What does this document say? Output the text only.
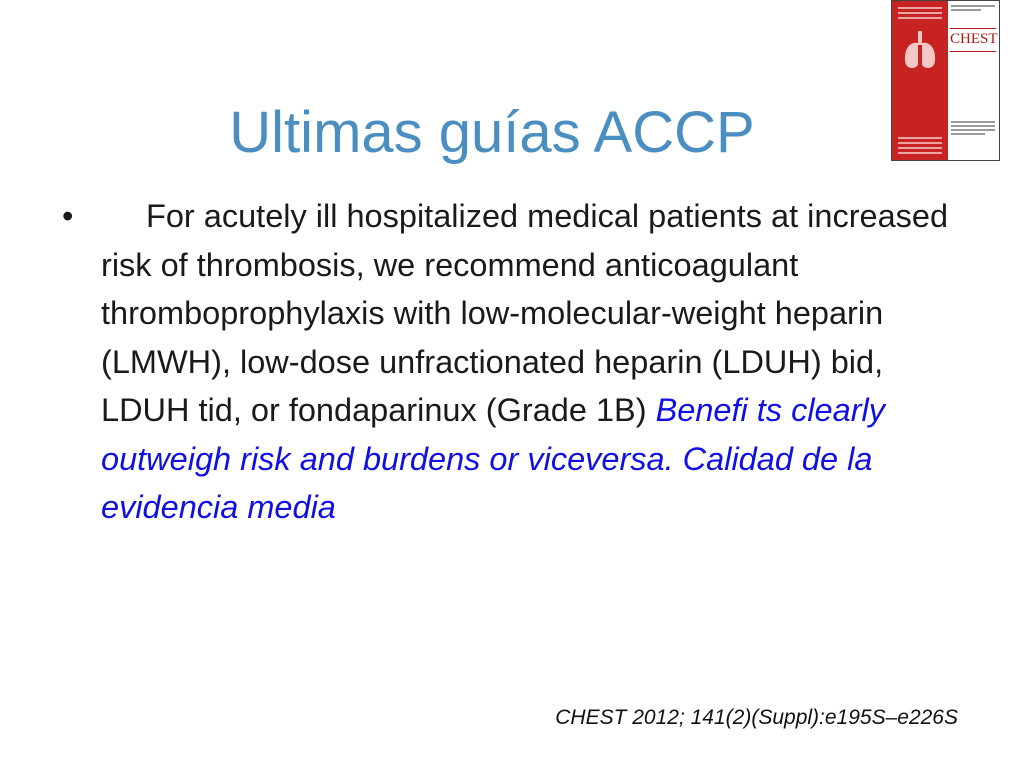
Ultimas guías ACCP
CHEST
•	For acutely ill hospitalized medical patients at increased risk of thrombosis, we recommend anticoagulant thromboprophylaxis with low-molecular-weight heparin (LMWH), low-dose unfractionated heparin (LDUH) bid, LDUH tid, or fondaparinux (Grade 1B) Benefi ts clearly outweigh risk and burdens or viceversa. Calidad de la evidencia media
CHEST 2012; 141(2)(Suppl):e195S–e226S
